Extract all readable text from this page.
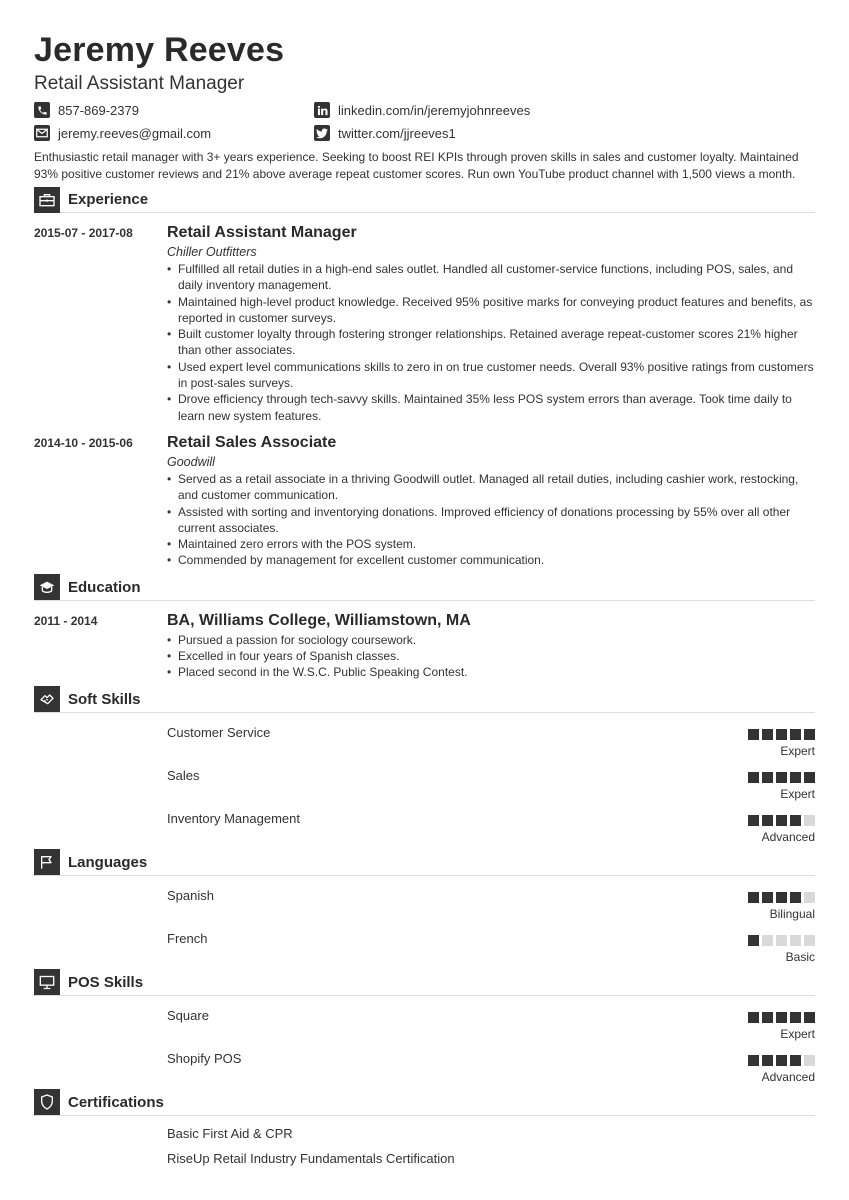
Jeremy Reeves
Retail Assistant Manager
857-869-2379	linkedin.com/in/jeremyjohnreeves
jeremy.reeves@gmail.com	twitter.com/jjreeves1
Enthusiastic retail manager with 3+ years experience. Seeking to boost REI KPIs through proven skills in sales and customer loyalty. Maintained 93% positive customer reviews and 21% above average repeat customer scores. Run own YouTube product channel with 1,500 views a month.
Experience
2015-07 - 2017-08 Retail Assistant Manager
Chiller Outfitters
• Fulfilled all retail duties in a high-end sales outlet. Handled all customer-service functions, including POS, sales, and daily inventory management.
• Maintained high-level product knowledge. Received 95% positive marks for conveying product features and benefits, as reported in customer surveys.
• Built customer loyalty through fostering stronger relationships. Retained average repeat-customer scores 21% higher than other associates.
• Used expert level communications skills to zero in on true customer needs. Overall 93% positive ratings from customers in post-sales surveys.
• Drove efficiency through tech-savvy skills. Maintained 35% less POS system errors than average. Took time daily to learn new system features.
2014-10 - 2015-06 Retail Sales Associate
Goodwill
• Served as a retail associate in a thriving Goodwill outlet. Managed all retail duties, including cashier work, restocking, and customer communication.
• Assisted with sorting and inventorying donations. Improved efficiency of donations processing by 55% over all other current associates.
• Maintained zero errors with the POS system.
• Commended by management for excellent customer communication.
Education
2011 - 2014	BA, Williams College, Williamstown, MA
• Pursued a passion for sociology coursework.
• Excelled in four years of Spanish classes.
• Placed second in the W.S.C. Public Speaking Contest.
Soft Skills
Customer Service
Expert
Sales
Expert
Inventory Management
Advanced
Languages
Spanish
Bilingual
French
Basic
POS Skills
Square
Expert
Shopify POS
Advanced
Certifications
Basic First Aid & CPR
RiseUp Retail Industry Fundamentals Certification
